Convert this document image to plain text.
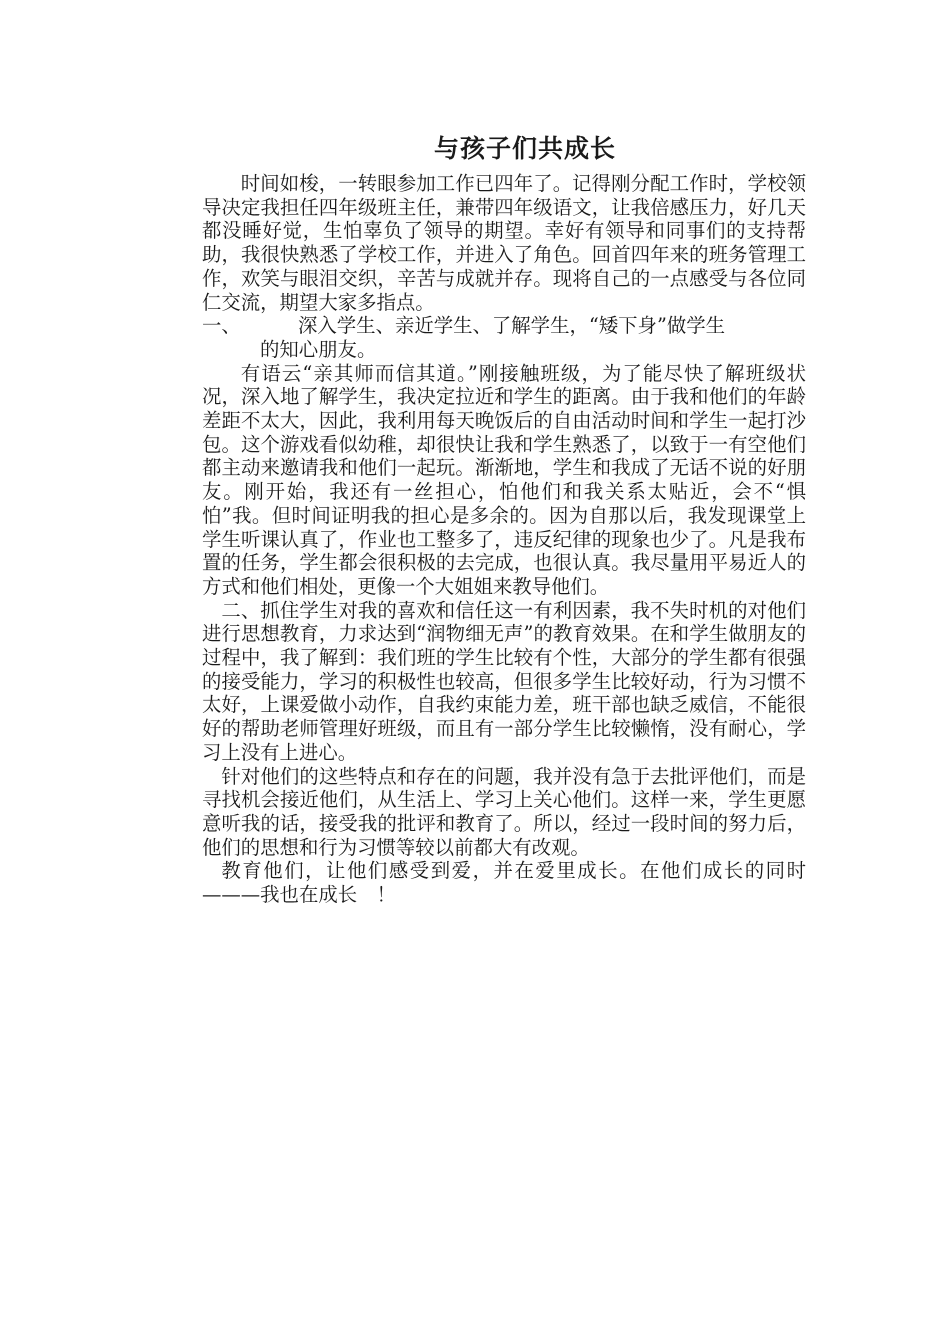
与孩子们共成长

时间如梭，一转眼参加工作已四年了。记得刚分配工作时，学校领导决定我担任四年级班主任，兼带四年级语文，让我倍感压力，好几天都没睡好觉，生怕辜负了领导的期望。幸好有领导和同事们的支持帮助，我很快熟悉了学校工作，并进入了角色。回首四年来的班务管理工作，欢笑与眼泪交织，辛苦与成就并存。现将自己的一点感受与各位同仁交流，期望大家多指点。

一、	深入学生、亲近学生、了解学生，“矮下身”做学生

的知心朋友。

有语云“亲其师而信其道。”刚接触班级，为了能尽快了解班级状况，深入地了解学生，我决定拉近和学生的距离。由于我和他们的年龄差距不太大，因此，我利用每天晚饭后的自由活动时间和学生一起打沙包。这个游戏看似幼稚，却很快让我和学生熟悉了，以致于一有空他们都主动来邀请我和他们一起玩。渐渐地，学生和我成了无话不说的好朋友。刚开始，我还有一丝担心，怕他们和我关系太贴近，会不“惧怕”我。但时间证明我的担心是多余的。因为自那以后，我发现课堂上学生听课认真了，作业也工整多了，违反纪律的现象也少了。凡是我布置的任务，学生都会很积极的去完成，也很认真。我尽量用平易近人的方式和他们相处，更像一个大姐姐来教导他们。

二、抓住学生对我的喜欢和信任这一有利因素，我不失时机的对他们进行思想教育，力求达到“润物细无声”的教育效果。在和学生做朋友的过程中，我了解到：我们班的学生比较有个性，大部分的学生都有很强的接受能力，学习的积极性也较高，但很多学生比较好动，行为习惯不太好，上课爱做小动作，自我约束能力差，班干部也缺乏威信，不能很好的帮助老师管理好班级，而且有一部分学生比较懒惰，没有耐心，学习上没有上进心。

针对他们的这些特点和存在的问题，我并没有急于去批评他们，而是寻找机会接近他们，从生活上、学习上关心他们。这样一来，学生更愿意听我的话，接受我的批评和教育了。所以，经过一段时间的努力后，他们的思想和行为习惯等较以前都大有改观。

教育他们，让他们感受到爱，并在爱里成长。在他们成长的同时———我也在成长　！
